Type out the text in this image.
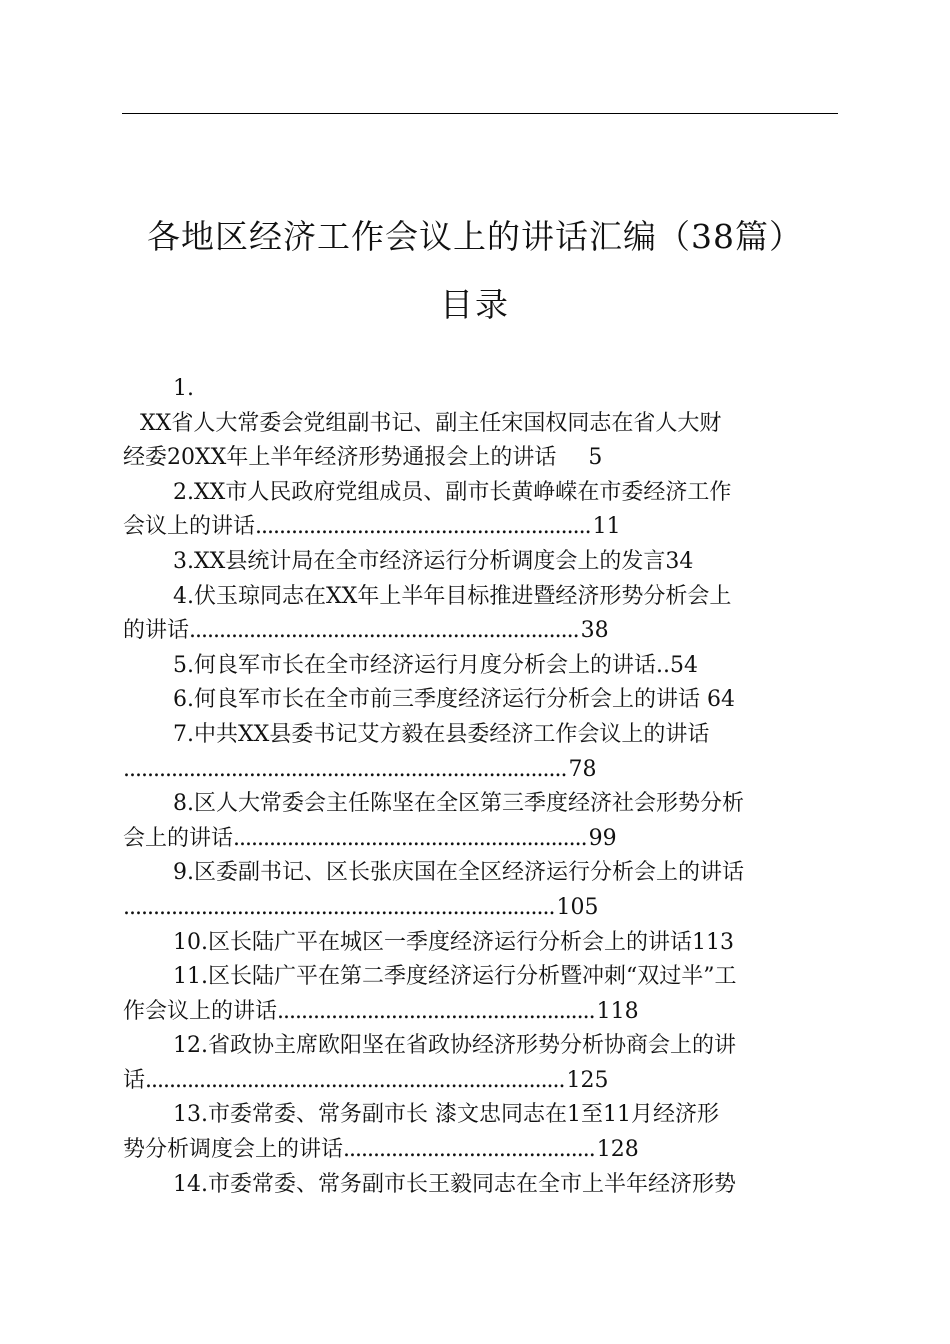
各地区经济工作会议上的讲话汇编（38篇）
目录
1.
XX省人大常委会党组副书记、副主任宋国权同志在省人大财
经委20XX年上半年经济形势通报会上的讲话 5
2.XX市人民政府党组成员、副市长黄峥嵘在市委经济工作
会议上的讲话........................................................11
3.XX县统计局在全市经济运行分析调度会上的发言34
4.伏玉琼同志在XX年上半年目标推进暨经济形势分析会上
的讲话.................................................................38
5.何良军市长在全市经济运行月度分析会上的讲话..54
6.何良军市长在全市前三季度经济运行分析会上的讲话 64
7.中共XX县委书记艾方毅在县委经济工作会议上的讲话
..........................................................................78
8.区人大常委会主任陈坚在全区第三季度经济社会形势分析
会上的讲话...........................................................99
9.区委副书记、区长张庆国在全区经济运行分析会上的讲话
........................................................................105
10.区长陆广平在城区一季度经济运行分析会上的讲话113
11.区长陆广平在第二季度经济运行分析暨冲刺“双过半”工
作会议上的讲话.....................................................118
12.省政协主席欧阳坚在省政协经济形势分析协商会上的讲
话......................................................................125
13.市委常委、常务副市长 漆文忠同志在1至11月经济形
势分析调度会上的讲话..........................................128
14.市委常委、常务副市长王毅同志在全市上半年经济形势
